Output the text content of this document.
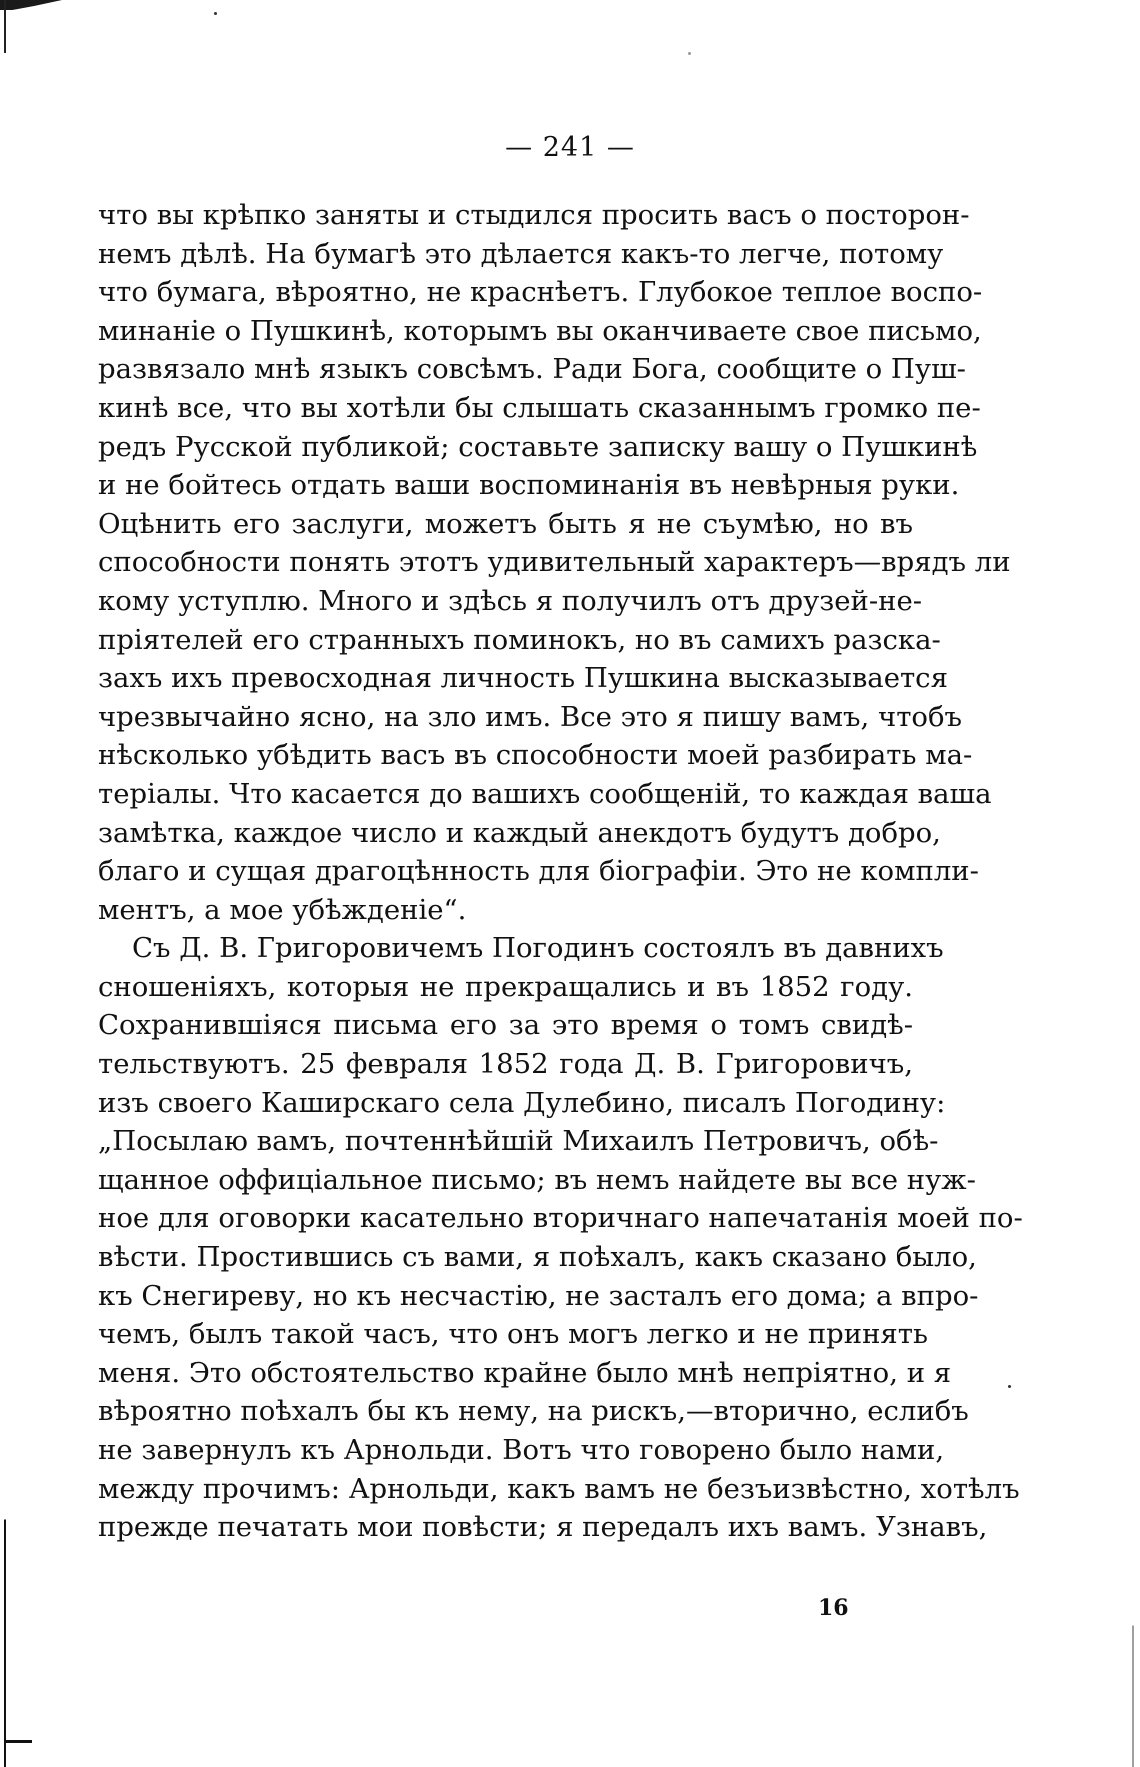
— 241 —
что вы крѣпко заняты и стыдился просить васъ о посторон-
немъ дѣлѣ. На бумагѣ это дѣлается какъ-то легче, потому
что бумага, вѣроятно, не краснѣетъ. Глубокое теплое воспо-
минаніе о Пушкинѣ, которымъ вы оканчиваете свое письмо,
развязало мнѣ языкъ совсѣмъ. Ради Бога, сообщите о Пуш-
кинѣ все, что вы хотѣли бы слышать сказаннымъ громко пе-
редъ Русской публикой; составьте записку вашу о Пушкинѣ
и не бойтесь отдать ваши воспоминанія въ невѣрныя руки.
Оцѣнить его заслуги, можетъ быть я не съумѣю, но въ
способности понять этотъ удивительный характеръ—врядъ ли
кому уступлю. Много и здѣсь я получилъ отъ друзей-не-
пріятелей его странныхъ поминокъ, но въ самихъ разска-
захъ ихъ превосходная личность Пушкина высказывается
чрезвычайно ясно, на зло имъ. Все это я пишу вамъ, чтобъ
нѣсколько убѣдить васъ въ способности моей разбирать ма-
теріалы. Что касается до вашихъ сообщеній, то каждая ваша
замѣтка, каждое число и каждый анекдотъ будутъ добро,
благо и сущая драгоцѣнность для біографіи. Это не компли-
ментъ, а мое убѣжденіе“.
Съ Д. В. Григоровичемъ Погодинъ состоялъ въ давнихъ
сношеніяхъ, которыя не прекращались и въ 1852 году.
Сохранившіяся письма его за это время о томъ свидѣ-
тельствуютъ. 25 февраля 1852 года Д. В. Григоровичъ,
изъ своего Каширскаго села Дулебино, писалъ Погодину:
„Посылаю вамъ, почтеннѣйшій Михаилъ Петровичъ, обѣ-
щанное оффиціальное письмо; въ немъ найдете вы все нуж-
ное для оговорки касательно вторичнаго напечатанія моей по-
вѣсти. Простившись съ вами, я поѣхалъ, какъ сказано было,
къ Снегиреву, но къ несчастію, не засталъ его дома; а впро-
чемъ, былъ такой часъ, что онъ могъ легко и не принять
меня. Это обстоятельство крайне было мнѣ непріятно, и я
вѣроятно поѣхалъ бы къ нему, на рискъ,—вторично, еслибъ
не завернулъ къ Арнольди. Вотъ что говорено было нами,
между прочимъ: Арнольди, какъ вамъ не безъизвѣстно, хотѣлъ
прежде печатать мои повѣсти; я передалъ ихъ вамъ. Узнавъ,
16
